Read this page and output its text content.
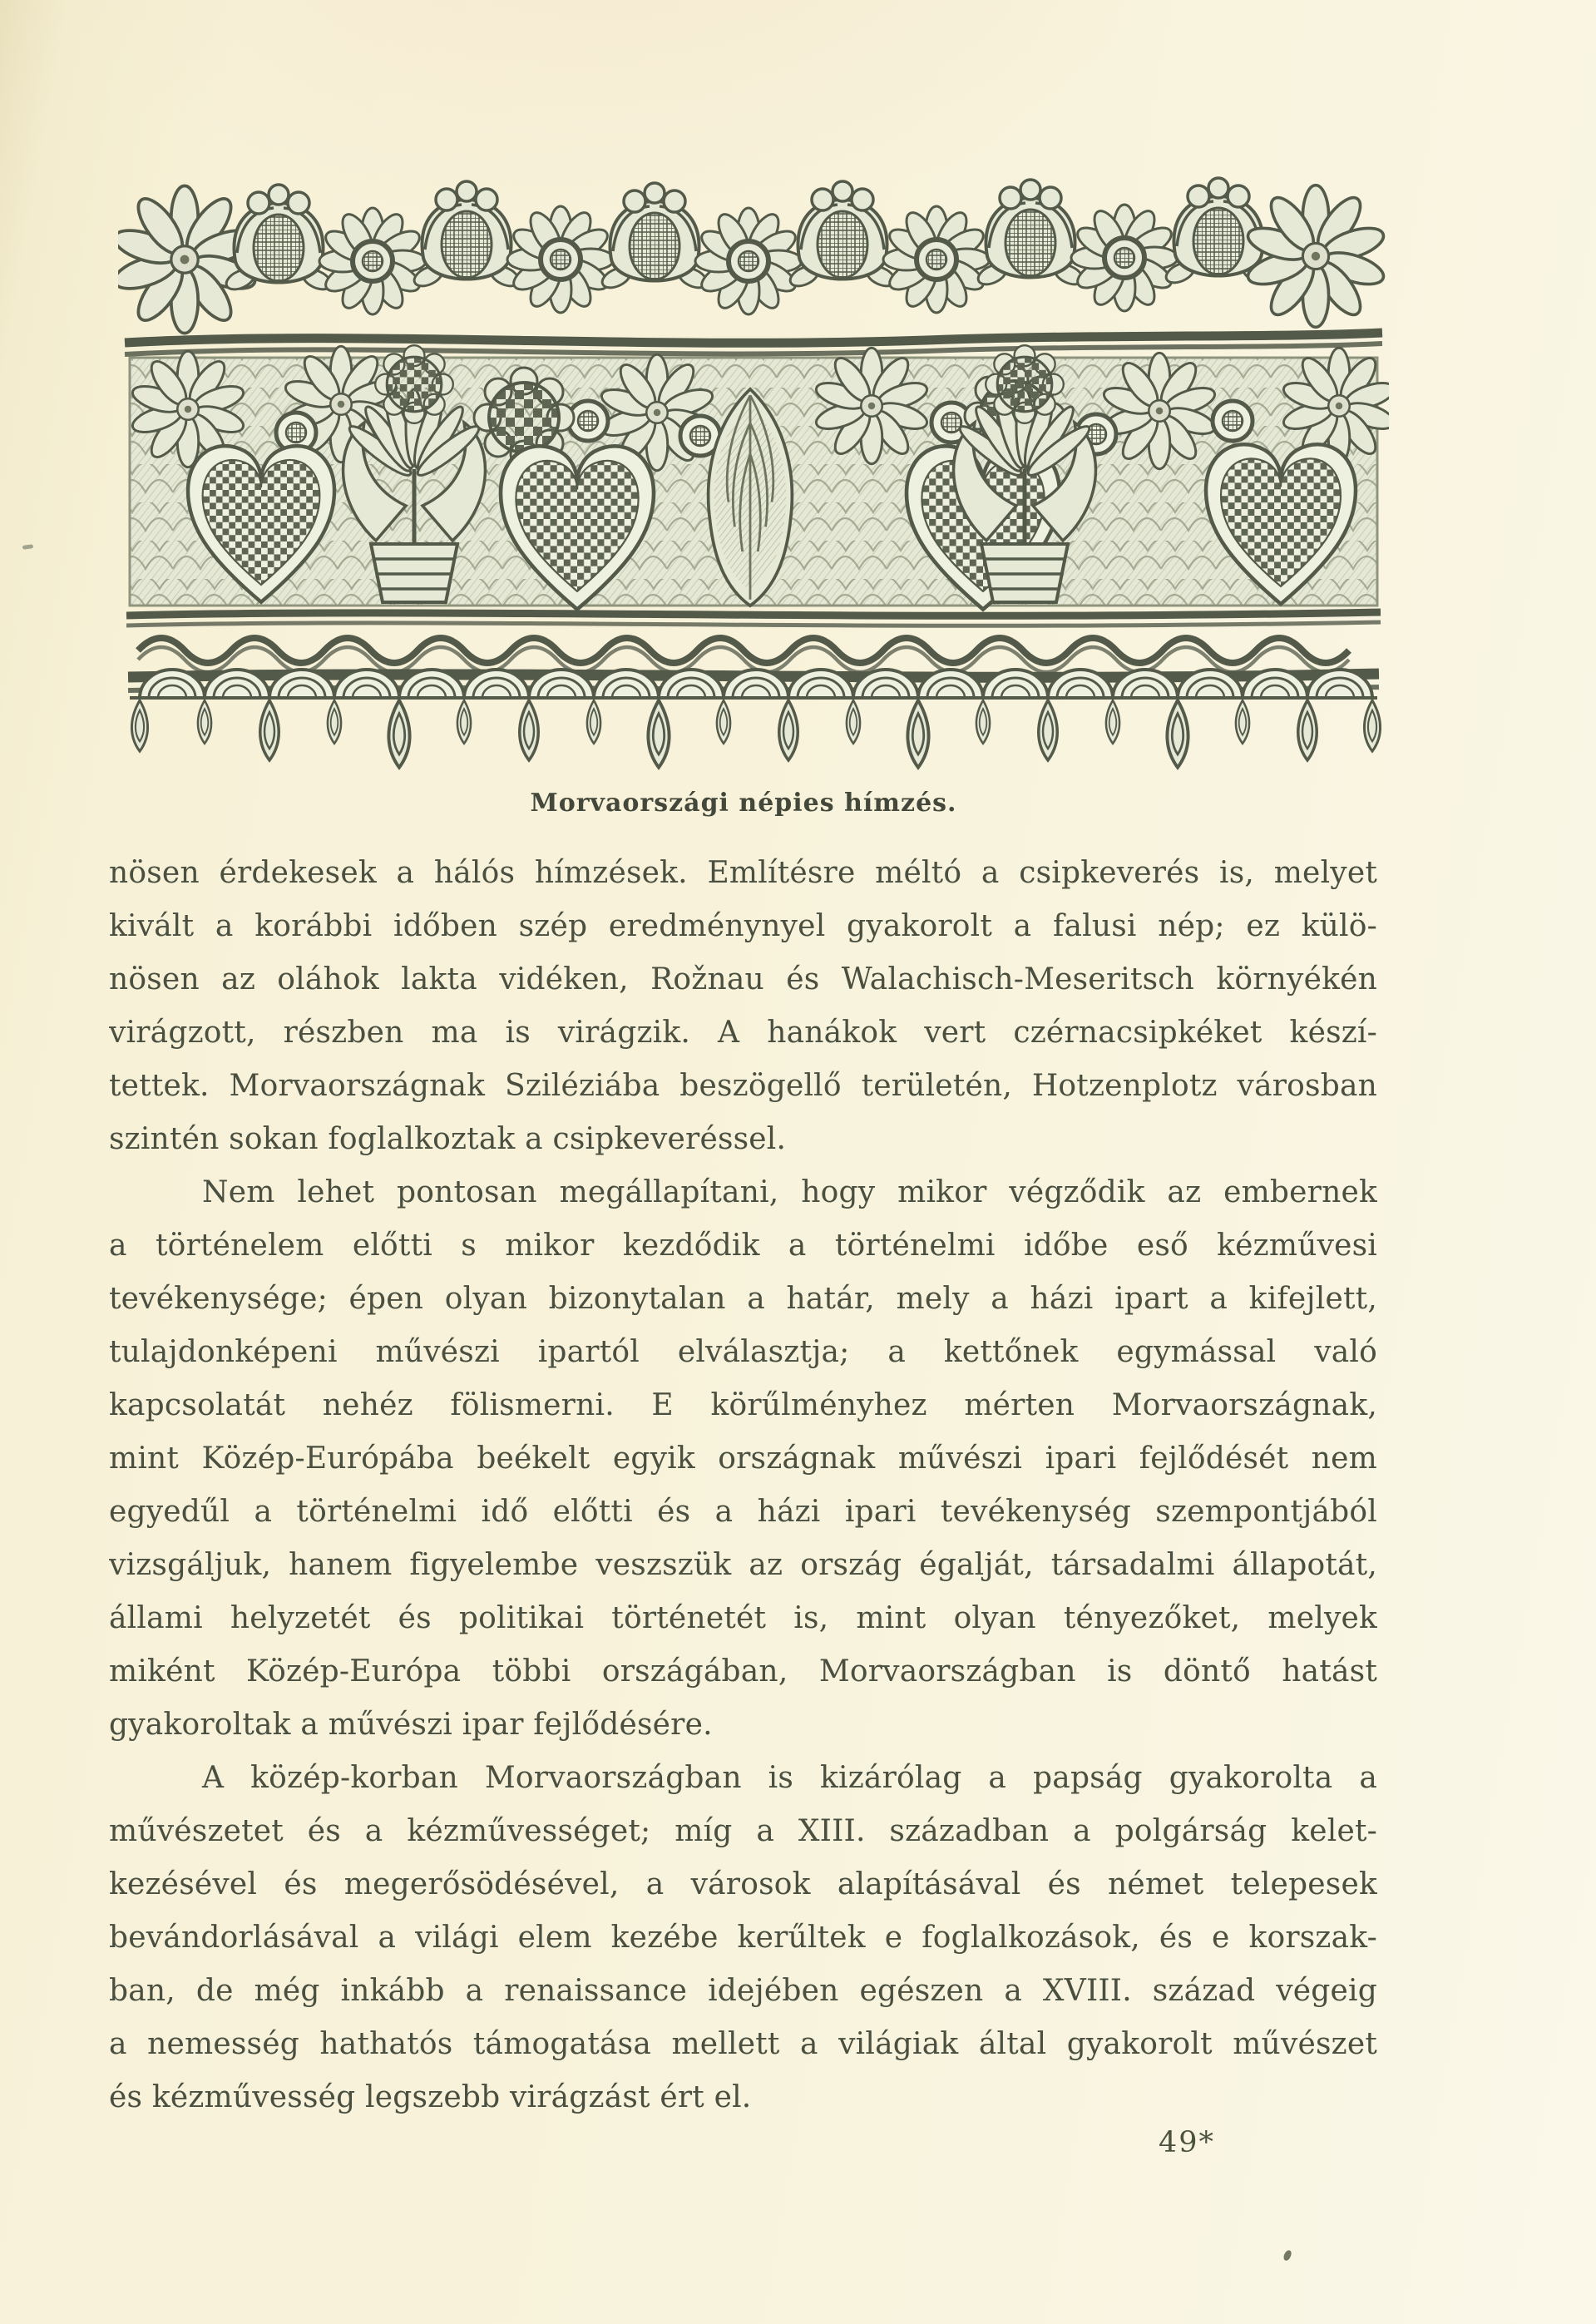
Morvaországi népies hímzés.
nösen érdekesek a hálós hímzések. Említésre méltó a csipkeverés is, melyet
kivált a korábbi időben szép eredménynyel gyakorolt a falusi nép; ez külö-
nösen az oláhok lakta vidéken, Rožnau és Walachisch-Meseritsch környékén
virágzott, részben ma is virágzik. A hanákok vert czérnacsipkéket készí-
tettek. Morvaországnak Sziléziába beszögellő területén, Hotzenplotz városban
szintén sokan foglalkoztak a csipkeveréssel.
Nem lehet pontosan megállapítani, hogy mikor végződik az embernek
a történelem előtti s mikor kezdődik a történelmi időbe eső kézművesi
tevékenysége; épen olyan bizonytalan a határ, mely a házi ipart a kifejlett,
tulajdonképeni művészi ipartól elválasztja; a kettőnek egymással való
kapcsolatát nehéz fölismerni. E körűlményhez mérten Morvaországnak,
mint Közép-Európába beékelt egyik országnak művészi ipari fejlődését nem
egyedűl a történelmi idő előtti és a házi ipari tevékenység szempontjából
vizsgáljuk, hanem figyelembe veszszük az ország égalját, társadalmi állapotát,
állami helyzetét és politikai történetét is, mint olyan tényezőket, melyek
miként Közép-Európa többi országában, Morvaországban is döntő hatást
gyakoroltak a művészi ipar fejlődésére.
A közép-korban Morvaországban is kizárólag a papság gyakorolta a
művészetet és a kézművességet; míg a XIII. században a polgárság kelet-
kezésével és megerősödésével, a városok alapításával és német telepesek
bevándorlásával a világi elem kezébe kerűltek e foglalkozások, és e korszak-
ban, de még inkább a renaissance idejében egészen a XVIII. század végeig
a nemesség hathatós támogatása mellett a világiak által gyakorolt művészet
és kézművesség legszebb virágzást ért el.
49*
